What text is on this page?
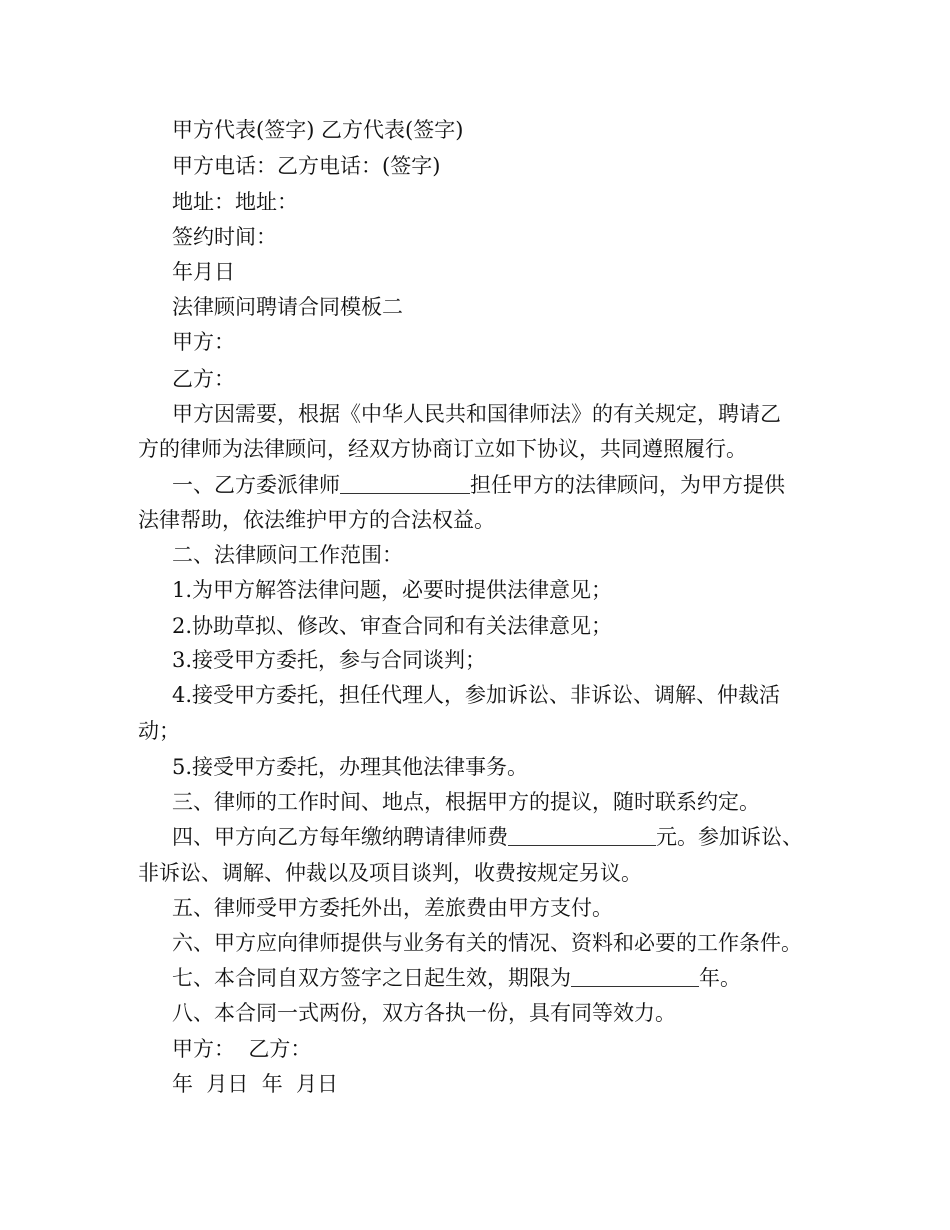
甲方代表(签字) 乙方代表(签字)

甲方电话：乙方电话：(签字)

地址：地址：

签约时间：

年月日

法律顾问聘请合同模板二

甲方：

乙方：

甲方因需要，根据《中华人民共和国律师法》的有关规定，聘请乙

方的律师为法律顾问，经双方协商订立如下协议，共同遵照履行。

一、乙方委派律师	担任甲方的法律顾问，为甲方提供

法律帮助，依法维护甲方的合法权益。

二、法律顾问工作范围：

1.为甲方解答法律问题，必要时提供法律意见；

2.协助草拟、修改、审查合同和有关法律意见；

3.接受甲方委托，参与合同谈判；

4.接受甲方委托，担任代理人，参加诉讼、非诉讼、调解、仲裁活

动；

5.接受甲方委托，办理其他法律事务。

三、律师的工作时间、地点，根据甲方的提议，随时联系约定。

四、甲方向乙方每年缴纳聘请律师费	元。参加诉讼、

非诉讼、调解、仲裁以及项目谈判，收费按规定另议。

五、律师受甲方委托外出，差旅费由甲方支付。

六、甲方应向律师提供与业务有关的情况、资料和必要的工作条件。

七、本合同自双方签字之日起生效，期限为	年。

八、本合同一式两份，双方各执一份，具有同等效力。

甲方：  乙方：

年  月日  年  月日
